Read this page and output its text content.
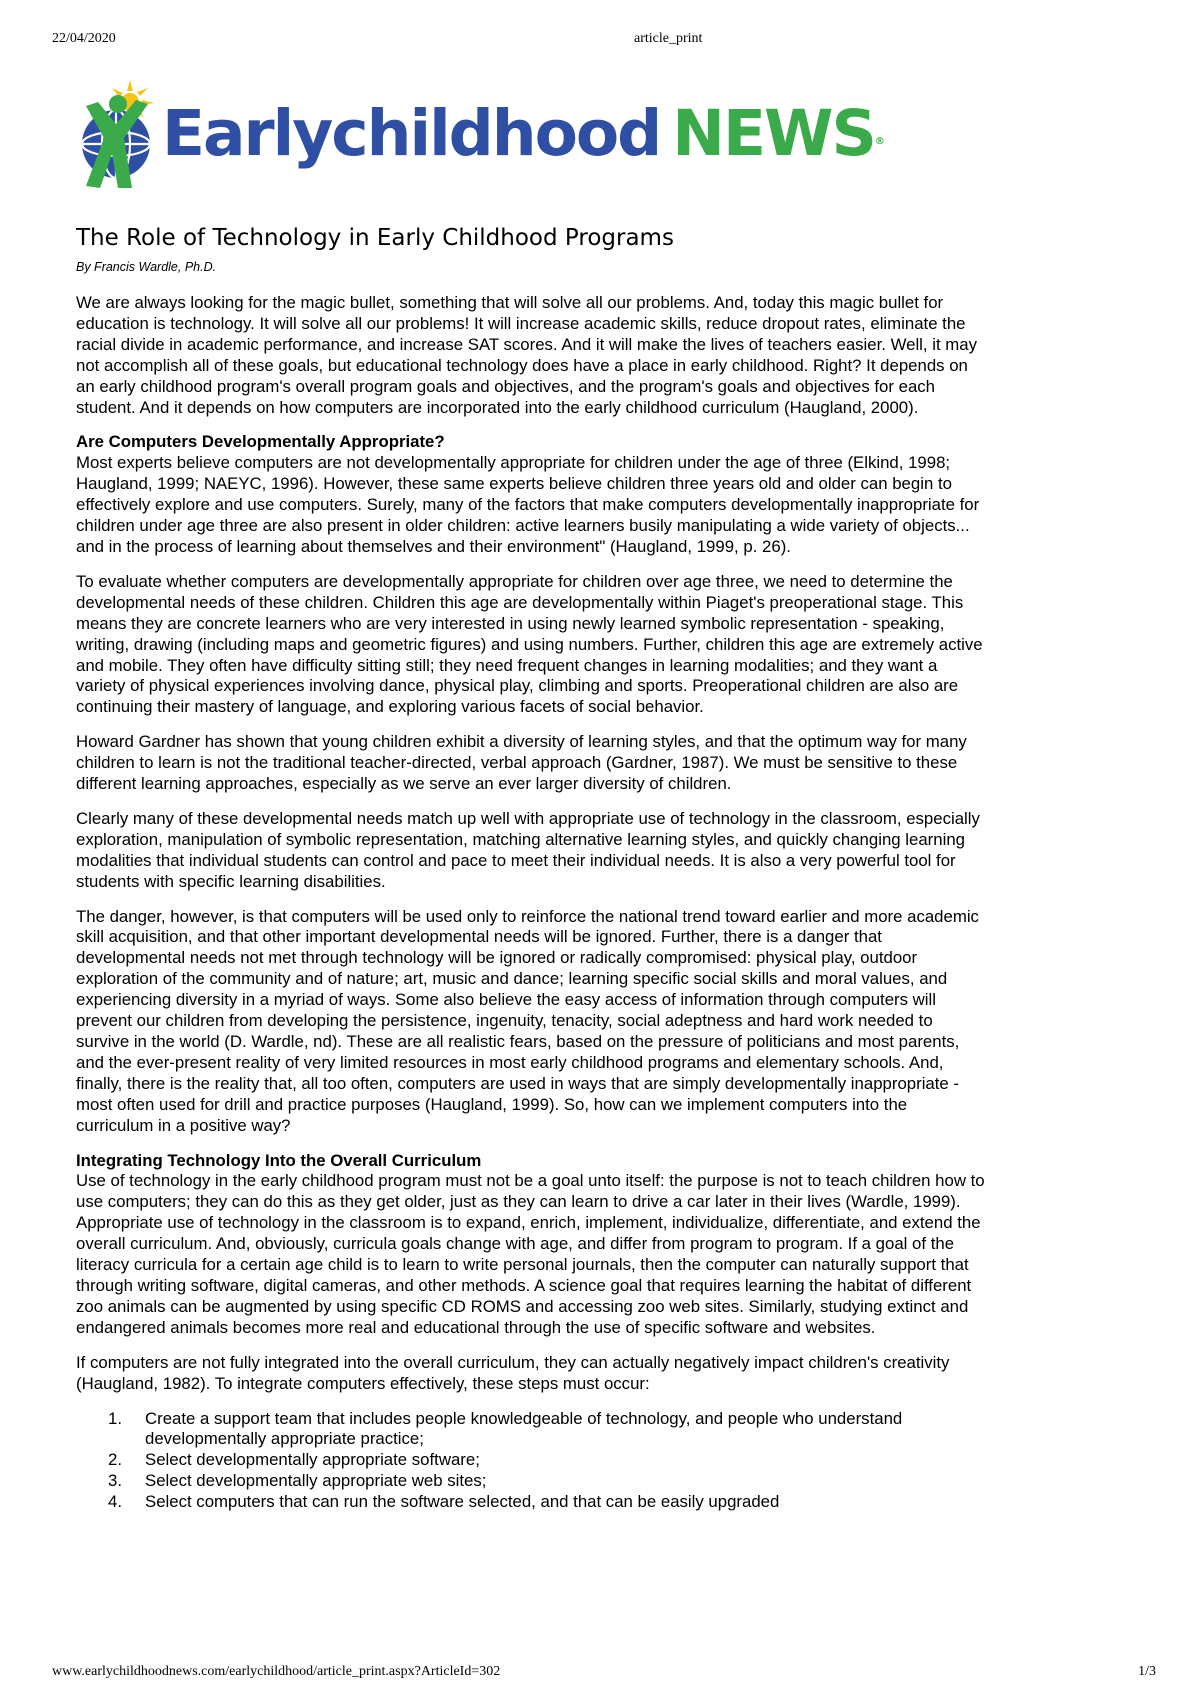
22/04/2020	article_print
Earlychildhood NEWS®
The Role of Technology in Early Childhood Programs
By Francis Wardle, Ph.D.

We are always looking for the magic bullet, something that will solve all our problems. And, today this magic bullet for education is technology. It will solve all our problems! It will increase academic skills, reduce dropout rates, eliminate the racial divide in academic performance, and increase SAT scores. And it will make the lives of teachers easier. Well, it may not accomplish all of these goals, but educational technology does have a place in early childhood. Right? It depends on an early childhood program's overall program goals and objectives, and the program's goals and objectives for each student. And it depends on how computers are incorporated into the early childhood curriculum (Haugland, 2000).

Are Computers Developmentally Appropriate?

Most experts believe computers are not developmentally appropriate for children under the age of three (Elkind, 1998; Haugland, 1999; NAEYC, 1996). However, these same experts believe children three years old and older can begin to effectively explore and use computers. Surely, many of the factors that make computers developmentally inappropriate for children under age three are also present in older children: active learners busily manipulating a wide variety of objects... and in the process of learning about themselves and their environment" (Haugland, 1999, p. 26).

To evaluate whether computers are developmentally appropriate for children over age three, we need to determine the developmental needs of these children. Children this age are developmentally within Piaget's preoperational stage. This means they are concrete learners who are very interested in using newly learned symbolic representation - speaking, writing, drawing (including maps and geometric figures) and using numbers. Further, children this age are extremely active and mobile. They often have difficulty sitting still; they need frequent changes in learning modalities; and they want a variety of physical experiences involving dance, physical play, climbing and sports. Preoperational children are also are continuing their mastery of language, and exploring various facets of social behavior.

Howard Gardner has shown that young children exhibit a diversity of learning styles, and that the optimum way for many children to learn is not the traditional teacher-directed, verbal approach (Gardner, 1987). We must be sensitive to these different learning approaches, especially as we serve an ever larger diversity of children.

Clearly many of these developmental needs match up well with appropriate use of technology in the classroom, especially exploration, manipulation of symbolic representation, matching alternative learning styles, and quickly changing learning modalities that individual students can control and pace to meet their individual needs. It is also a very powerful tool for students with specific learning disabilities.

The danger, however, is that computers will be used only to reinforce the national trend toward earlier and more academic skill acquisition, and that other important developmental needs will be ignored. Further, there is a danger that developmental needs not met through technology will be ignored or radically compromised: physical play, outdoor exploration of the community and of nature; art, music and dance; learning specific social skills and moral values, and experiencing diversity in a myriad of ways. Some also believe the easy access of information through computers will prevent our children from developing the persistence, ingenuity, tenacity, social adeptness and hard work needed to survive in the world (D. Wardle, nd). These are all realistic fears, based on the pressure of politicians and most parents, and the ever-present reality of very limited resources in most early childhood programs and elementary schools. And, finally, there is the reality that, all too often, computers are used in ways that are simply developmentally inappropriate - most often used for drill and practice purposes (Haugland, 1999). So, how can we implement computers into the curriculum in a positive way?

Integrating Technology Into the Overall Curriculum

Use of technology in the early childhood program must not be a goal unto itself: the purpose is not to teach children how to use computers; they can do this as they get older, just as they can learn to drive a car later in their lives (Wardle, 1999). Appropriate use of technology in the classroom is to expand, enrich, implement, individualize, differentiate, and extend the overall curriculum. And, obviously, curricula goals change with age, and differ from program to program. If a goal of the literacy curricula for a certain age child is to learn to write personal journals, then the computer can naturally support that through writing software, digital cameras, and other methods. A science goal that requires learning the habitat of different zoo animals can be augmented by using specific CD ROMS and accessing zoo web sites. Similarly, studying extinct and endangered animals becomes more real and educational through the use of specific software and websites.

If computers are not fully integrated into the overall curriculum, they can actually negatively impact children's creativity (Haugland, 1982). To integrate computers effectively, these steps must occur:

1. Create a support team that includes people knowledgeable of technology, and people who understand developmentally appropriate practice;
2. Select developmentally appropriate software;
3. Select developmentally appropriate web sites;
4. Select computers that can run the software selected, and that can be easily upgraded
www.earlychildhoodnews.com/earlychildhood/article_print.aspx?ArticleId=302	1/3
